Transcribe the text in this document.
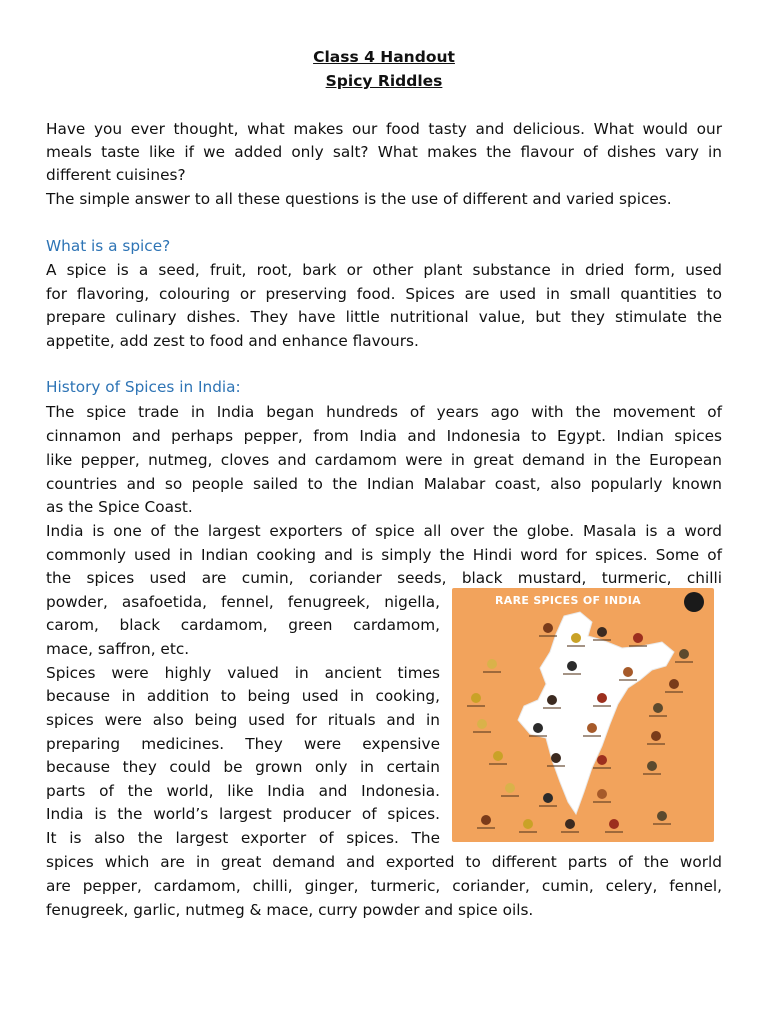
Class 4 Handout
Spicy Riddles
Have you ever thought, what makes our food tasty and delicious. What would our
meals taste like if we added only salt? What makes the flavour of dishes vary in
different cuisines?
The simple answer to all these questions is the use of different and varied spices.
What is a spice?
A spice is a seed, fruit, root, bark or other plant substance in dried form, used
for flavoring, colouring or preserving food. Spices are used in small quantities to
prepare culinary dishes. They have little nutritional value, but they stimulate the
appetite, add zest to food and enhance flavours.
History of Spices in India:
The spice trade in India began hundreds of years ago with the movement of
cinnamon and perhaps pepper, from India and Indonesia to Egypt. Indian spices
like pepper, nutmeg, cloves and cardamom were in great demand in the European
countries and so people sailed to the Indian Malabar coast, also popularly known
as the Spice Coast.
India is one of the largest exporters of spice all over the globe. Masala is a word
commonly used in Indian cooking and is simply the Hindi word for spices. Some of
the spices used are cumin, coriander seeds, black mustard, turmeric, chilli
powder, asafoetida, fennel, fenugreek, nigella,
carom, black cardamom, green cardamom,
mace, saffron, etc.
Spices were highly valued in ancient times
because in addition to being used in cooking,
spices were also being used for rituals and in
preparing medicines. They were expensive
because they could be grown only in certain
parts of the world, like India and Indonesia.
India is the world’s largest producer of spices.
It is also the largest exporter of spices. The
spices which are in great demand and exported to different parts of the world
are pepper, cardamom, chilli, ginger, turmeric, coriander, cumin, celery, fennel,
fenugreek, garlic, nutmeg & mace, curry powder and spice oils.
RARE SPICES OF INDIA
